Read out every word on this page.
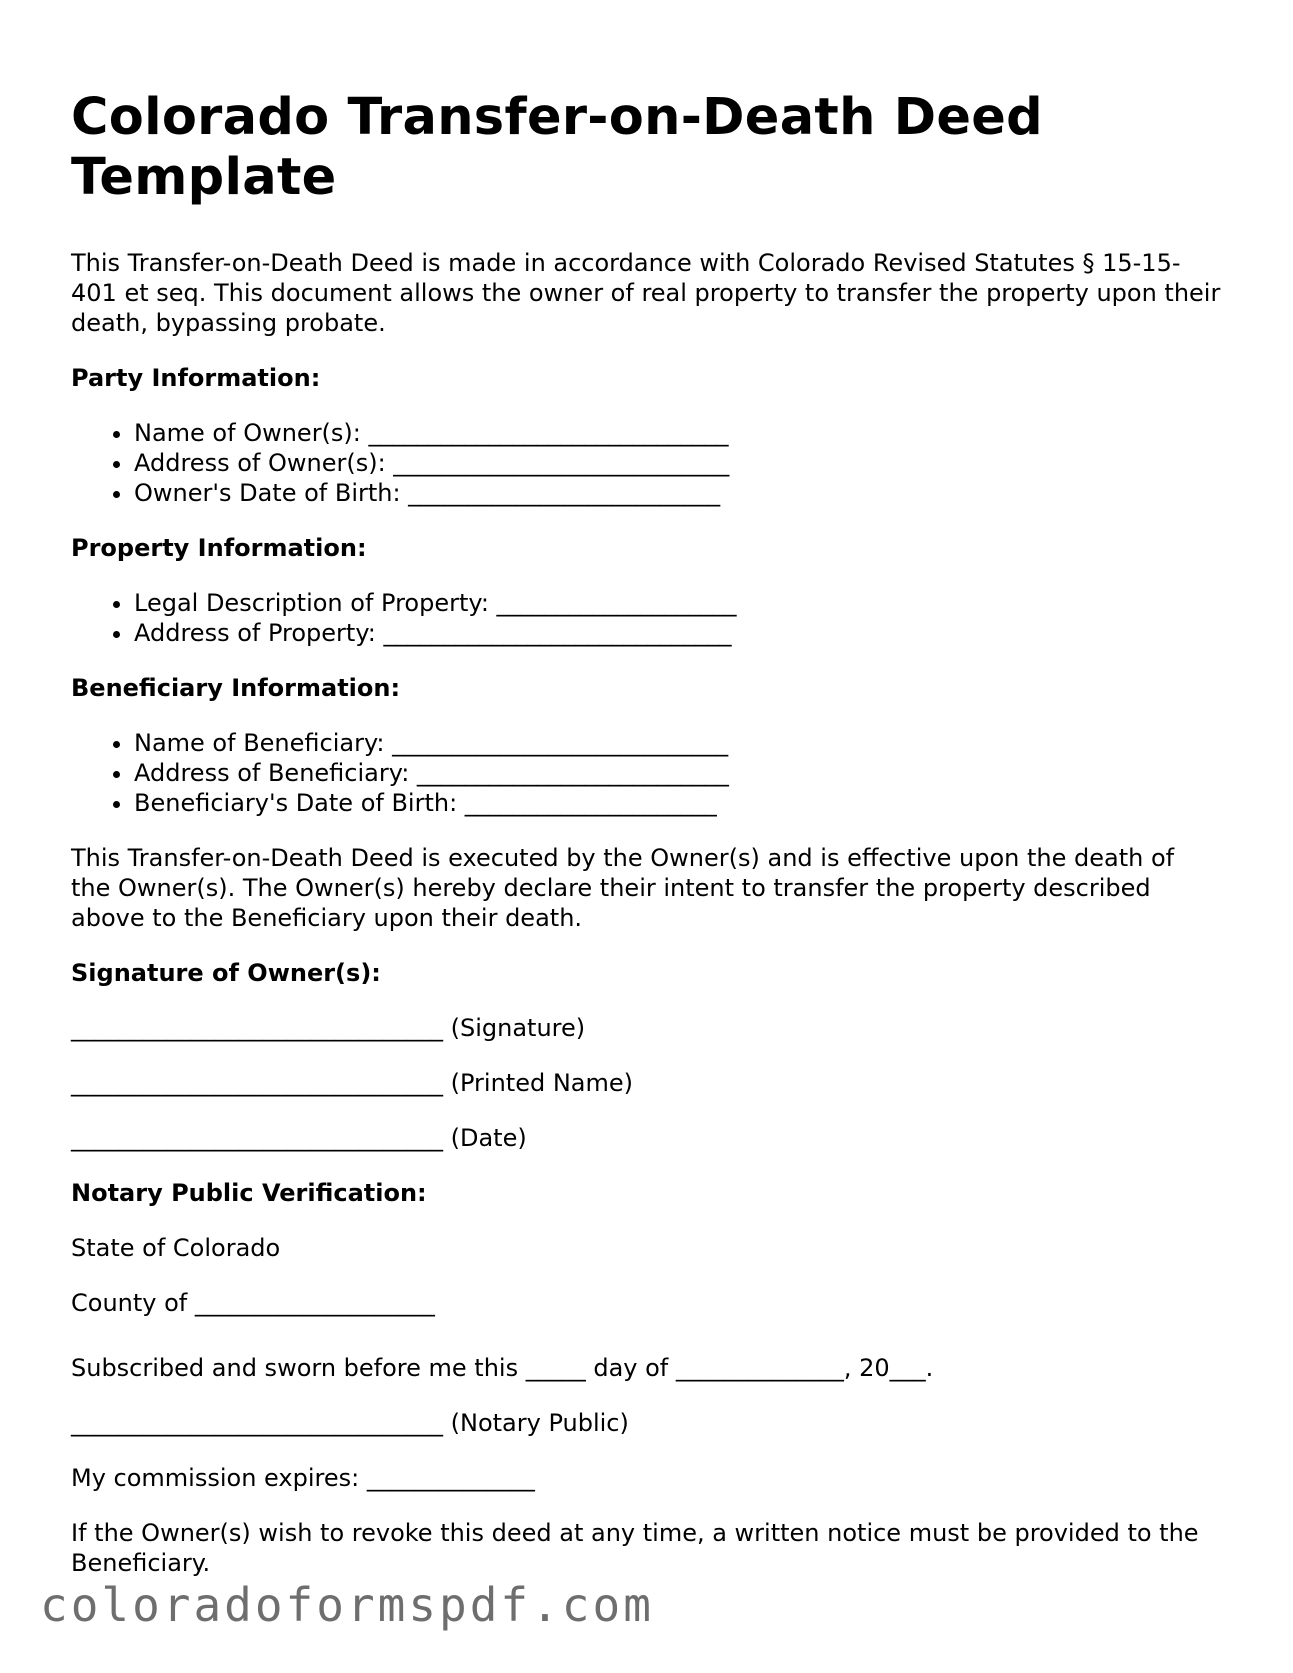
Colorado Transfer-on-Death Deed Template

This Transfer-on-Death Deed is made in accordance with Colorado Revised Statutes § 15-15-401 et seq. This document allows the owner of real property to transfer the property upon their death, bypassing probate.

Party Information:
• Name of Owner(s): ______________________________
• Address of Owner(s): ____________________________
• Owner's Date of Birth: __________________________
Property Information:
• Legal Description of Property: ____________________
• Address of Property: _____________________________
Beneficiary Information:
• Name of Beneficiary: ____________________________
• Address of Beneficiary: __________________________
• Beneficiary's Date of Birth: _____________________

This Transfer-on-Death Deed is executed by the Owner(s) and is effective upon the death of the Owner(s). The Owner(s) hereby declare their intent to transfer the property described above to the Beneficiary upon their death.

Signature of Owner(s):

_______________________________ (Signature)

_______________________________ (Printed Name)

_______________________________ (Date)

Notary Public Verification:

State of Colorado

County of ____________________

Subscribed and sworn before me this _____ day of ______________, 20___.

_______________________________ (Notary Public)

My commission expires: ______________

If the Owner(s) wish to revoke this deed at any time, a written notice must be provided to the Beneficiary.

coloradoformspdf.com
